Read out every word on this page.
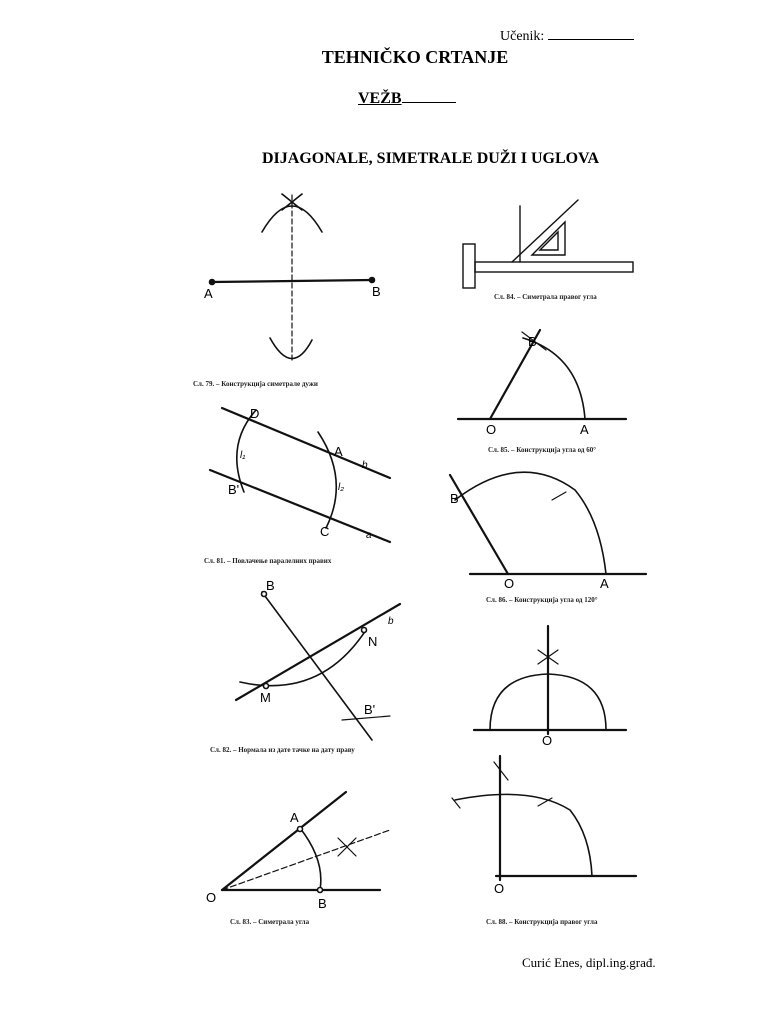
Učenik:
TEHNIČKO CRTANJE
VEŽB
DIJAGONALE, SIMETRALE DUŽI I UGLOVA
A	B
Сл. 79. – Конструкција симетрале дужи
Сл. 84. – Симетрала правог угла
B
O	A
Сл. 85. – Конструкција угла од 60°
D
A
b
B'
C	a
l₁
l₂
Сл. 81. – Повлачење паралелних правих
B
O	A
Сл. 86. – Конструкција угла од 120°
B
N
b
M
B'
Сл. 82. – Нормала из дате тачке на дату праву
O
A
O	B
Сл. 83. – Симетрала угла
O
Сл. 88. – Конструкција правог угла
Curić Enes, dipl.ing.građ.
